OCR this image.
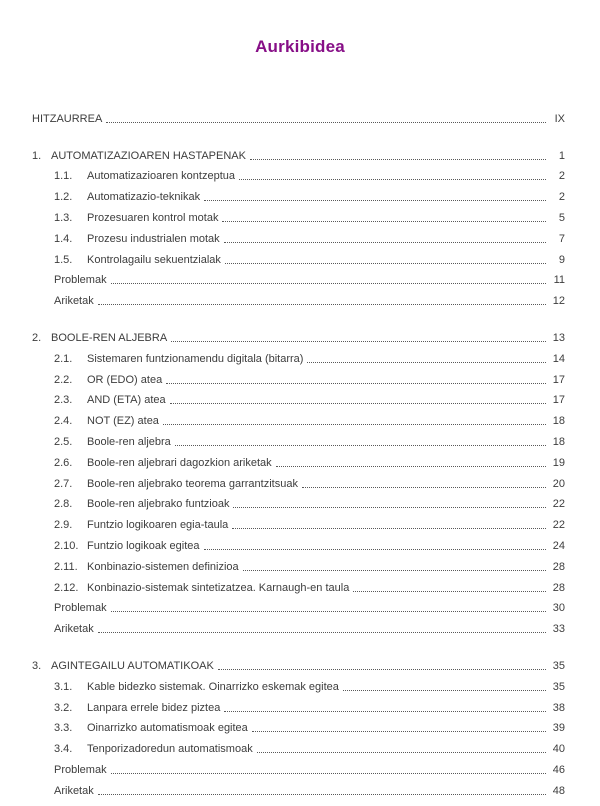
Aurkibidea
HITZAURREA	IX
1. AUTOMATIZAZIOAREN HASTAPENAK	1
1.1.	Automatizazioaren kontzeptua	2
1.2.	Automatizazio-teknikak	2
1.3.	Prozesuaren kontrol motak	5
1.4.	Prozesu industrialen motak	7
1.5.	Kontrolagailu sekuentzialak	9
Problemak	11
Ariketak	12
2. BOOLE-REN ALJEBRA	13
2.1.	Sistemaren funtzionamendu digitala (bitarra)	14
2.2.	OR (EDO) atea	17
2.3.	AND (ETA) atea	17
2.4.	NOT (EZ) atea	18
2.5.	Boole-ren aljebra	18
2.6.	Boole-ren aljebrari dagozkion ariketak	19
2.7.	Boole-ren aljebrako teorema garrantzitsuak	20
2.8.	Boole-ren aljebrako funtzioak	22
2.9.	Funtzio logikoaren egia-taula	22
2.10. Funtzio logikoak egitea	24
2.11. Konbinazio-sistemen definizioa	28
2.12. Konbinazio-sistemak sintetizatzea. Karnaugh-en taula	28
Problemak	30
Ariketak	33
3. AGINTEGAILU AUTOMATIKOAK	35
3.1.	Kable bidezko sistemak. Oinarrizko eskemak egitea	35
3.2.	Lanpara errele bidez piztea	38
3.3.	Oinarrizko automatismoak egitea	39
3.4.	Tenporizadoredun automatismoak	40
Problemak	46
Ariketak	48
